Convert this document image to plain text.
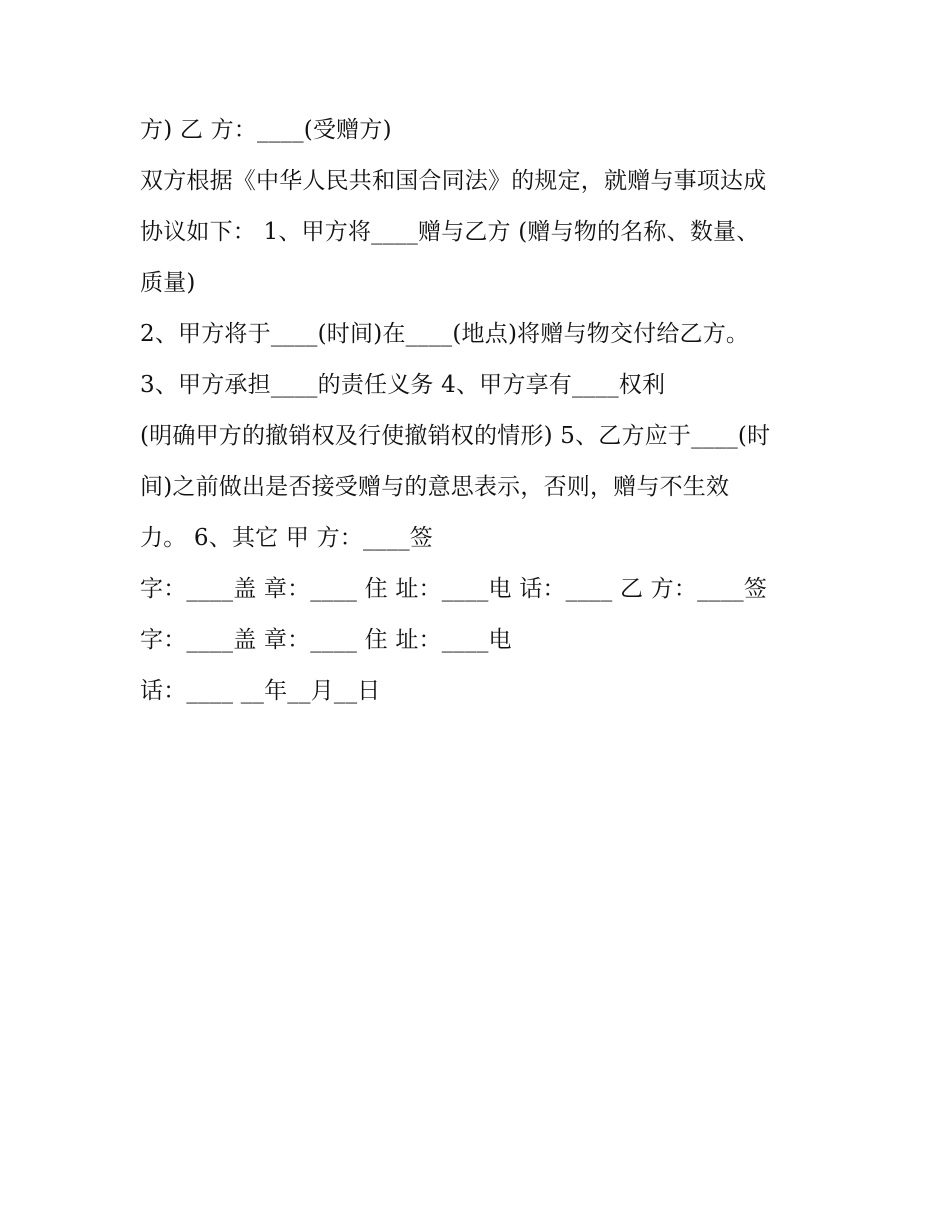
方) 乙 方：____(受赠方)
双方根据《中华人民共和国合同法》的规定，就赠与事项达成
协议如下： 1、甲方将____赠与乙方 (赠与物的名称、数量、
质量)
2、甲方将于____(时间)在____(地点)将赠与物交付给乙方。
3、甲方承担____的责任义务 4、甲方享有____权利
(明确甲方的撤销权及行使撤销权的情形) 5、乙方应于____(时
间)之前做出是否接受赠与的意思表示，否则，赠与不生效
力。 6、其它 甲 方：____签
字：____盖 章：____ 住 址：____电 话：____ 乙 方：____签
字：____盖 章：____ 住 址：____电
话：____ __年__月__日
